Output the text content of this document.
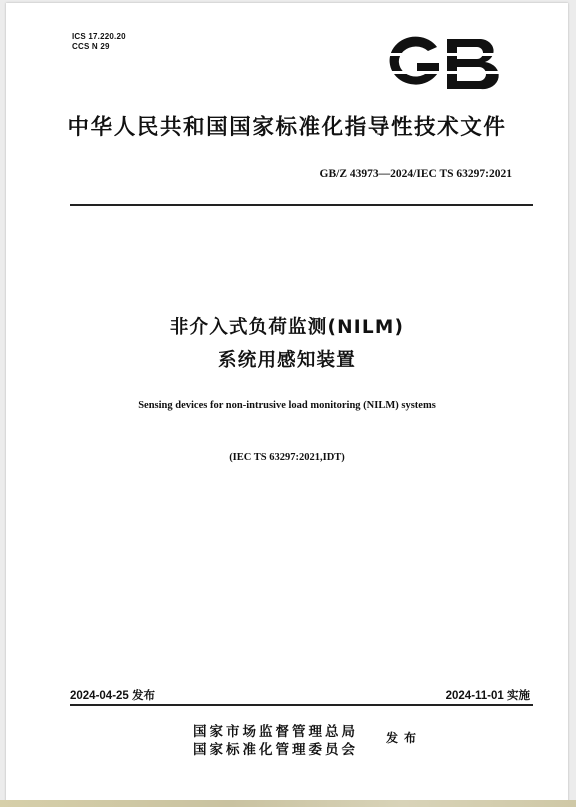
ICS 17.220.20
CCS N 29
中华人民共和国国家标准化指导性技术文件
GB/Z 43973—2024/IEC TS 63297:2021
非介入式负荷监测(NILM)
系统用感知装置
Sensing devices for non-intrusive load monitoring (NILM) systems
(IEC TS 63297:2021,IDT)
2024-04-25 发布	2024-11-01 实施
国家市场监督管理总局
国家标准化管理委员会
发布
